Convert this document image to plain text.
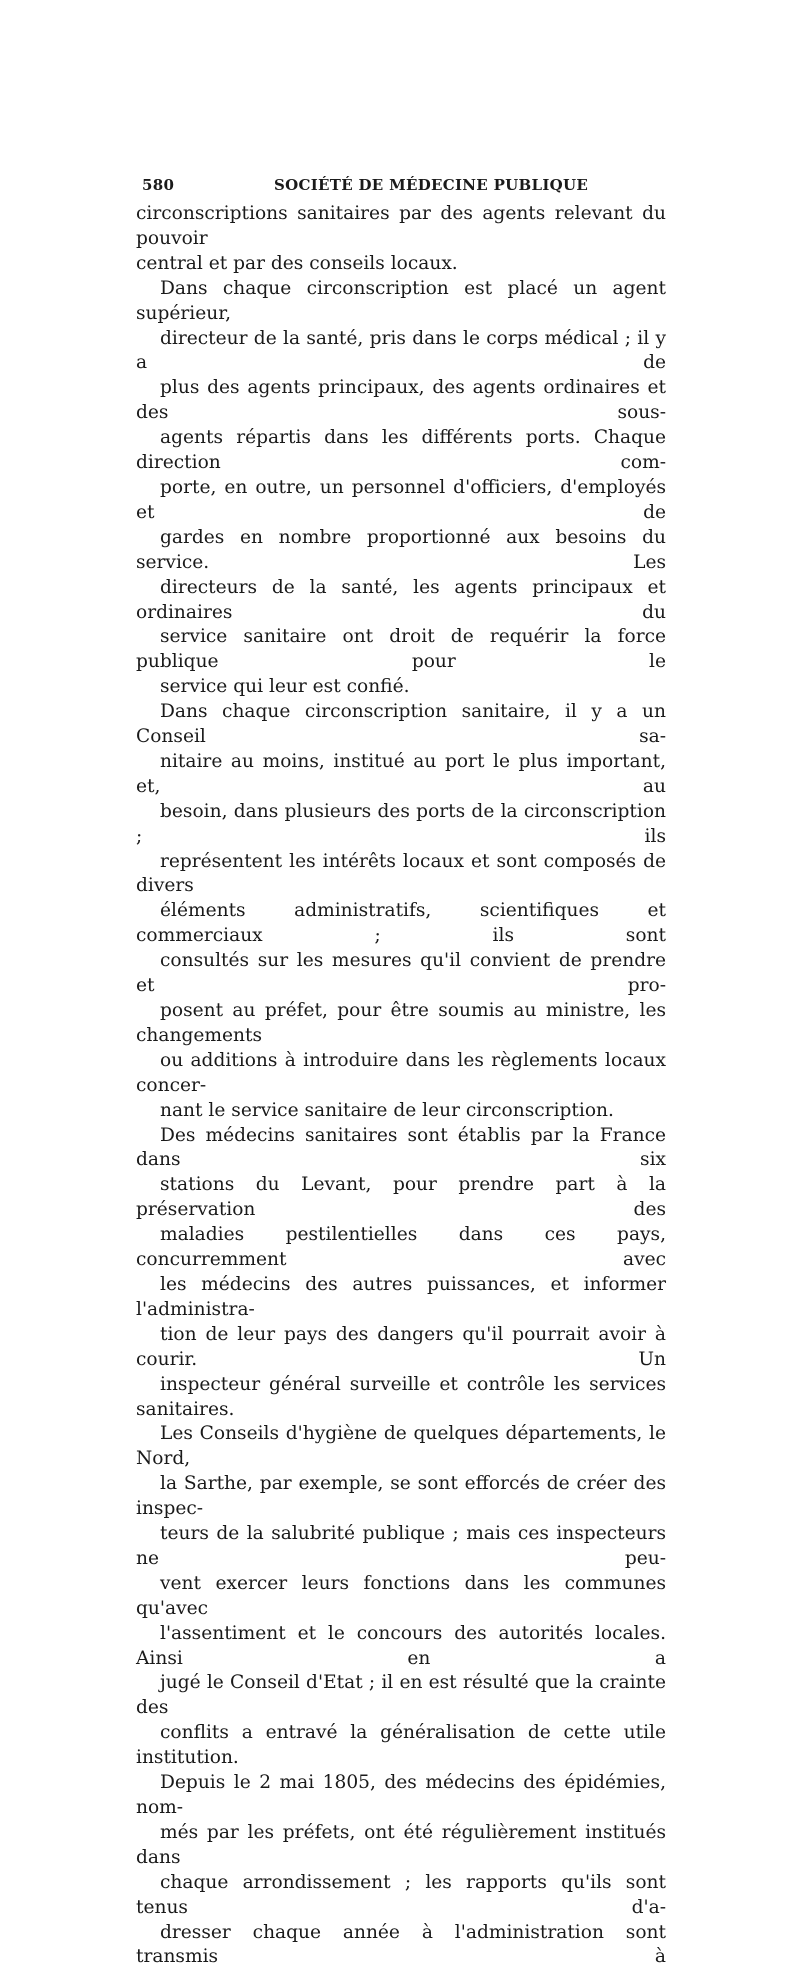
580	SOCIÉTÉ DE MÉDECINE PUBLIQUE

circonscriptions sanitaires par des agents relevant du pouvoir
central et par des conseils locaux.

Dans chaque circonscription est placé un agent supérieur,
directeur de la santé, pris dans le corps médical ; il y a de
plus des agents principaux, des agents ordinaires et des sous-
agents répartis dans les différents ports. Chaque direction com-
porte, en outre, un personnel d'officiers, d'employés et de
gardes en nombre proportionné aux besoins du service. Les
directeurs de la santé, les agents principaux et ordinaires du
service sanitaire ont droit de requérir la force publique pour le
service qui leur est confié.

Dans chaque circonscription sanitaire, il y a un Conseil sa-
nitaire au moins, institué au port le plus important, et, au
besoin, dans plusieurs des ports de la circonscription ; ils
représentent les intérêts locaux et sont composés de divers
éléments administratifs, scientifiques et commerciaux ; ils sont
consultés sur les mesures qu'il convient de prendre et pro-
posent au préfet, pour être soumis au ministre, les changements
ou additions à introduire dans les règlements locaux concer-
nant le service sanitaire de leur circonscription.

Des médecins sanitaires sont établis par la France dans six
stations du Levant, pour prendre part à la préservation des
maladies pestilentielles dans ces pays, concurremment avec
les médecins des autres puissances, et informer l'administra-
tion de leur pays des dangers qu'il pourrait avoir à courir. Un
inspecteur général surveille et contrôle les services sanitaires.

Les Conseils d'hygiène de quelques départements, le Nord,
la Sarthe, par exemple, se sont efforcés de créer des inspec-
teurs de la salubrité publique ; mais ces inspecteurs ne peu-
vent exercer leurs fonctions dans les communes qu'avec
l'assentiment et le concours des autorités locales. Ainsi en a
jugé le Conseil d'Etat ; il en est résulté que la crainte des
conflits a entravé la généralisation de cette utile institution.

Depuis le 2 mai 1805, des médecins des épidémies, nom-
més par les préfets, ont été régulièrement institués dans
chaque arrondissement ; les rapports qu'ils sont tenus d'a-
dresser chaque année à l'administration sont transmis à
